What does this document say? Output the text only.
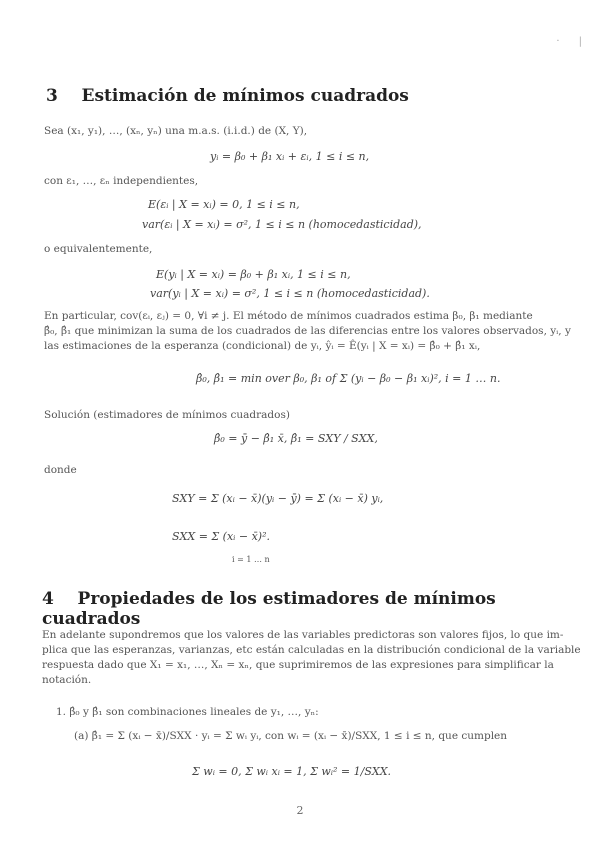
·      |
3 Estimación de mínimos cuadrados
Sea (x₁, y₁), …, (xₙ, yₙ) una m.a.s. (i.i.d.) de (X, Y),
yᵢ = β₀ + β₁ xᵢ + εᵢ, 1 ≤ i ≤ n,
con ε₁, …, εₙ independientes,
E(εᵢ | X = xᵢ) = 0, 1 ≤ i ≤ n,
var(εᵢ | X = xᵢ) = σ², 1 ≤ i ≤ n (homocedasticidad),
o equivalentemente,
E(yᵢ | X = xᵢ) = β₀ + β₁ xᵢ, 1 ≤ i ≤ n,
var(yᵢ | X = xᵢ) = σ², 1 ≤ i ≤ n (homocedasticidad).
En particular, cov(εᵢ, εⱼ) = 0, ∀i ≠ j. El método de mínimos cuadrados estima β₀, β₁ mediante
β̂₀, β̂₁ que minimizan la suma de los cuadrados de las diferencias entre los valores observados, yᵢ, y
las estimaciones de la esperanza (condicional) de yᵢ, ŷᵢ = Ê(yᵢ | X = xᵢ) = β̂₀ + β̂₁ xᵢ,
β̂₀, β̂₁ = min over β₀, β₁ of Σ (yᵢ − β₀ − β₁ xᵢ)², i = 1 … n.
Solución (estimadores de mínimos cuadrados)
β̂₀ = ȳ − β̂₁ x̄, β̂₁ = SXY / SXX,
donde
SXY = Σ (xᵢ − x̄)(yᵢ − ȳ) = Σ (xᵢ − x̄) yᵢ,
SXX = Σ (xᵢ − x̄)².
i = 1 … n
4 Propiedades de los estimadores de mínimos cuadrados
En adelante supondremos que los valores de las variables predictoras son valores fijos, lo que im-
plica que las esperanzas, varianzas, etc están calculadas en la distribución condicional de la variable
respuesta dado que X₁ = x₁, …, Xₙ = xₙ, que suprimiremos de las expresiones para simplificar la
notación.
1. β̂₀ y β̂₁ son combinaciones lineales de y₁, …, yₙ:
(a) β̂₁ = Σ (xᵢ − x̄)/SXX · yᵢ = Σ wᵢ yᵢ, con wᵢ = (xᵢ − x̄)/SXX, 1 ≤ i ≤ n, que cumplen
Σ wᵢ = 0, Σ wᵢ xᵢ = 1, Σ wᵢ² = 1/SXX.
2
